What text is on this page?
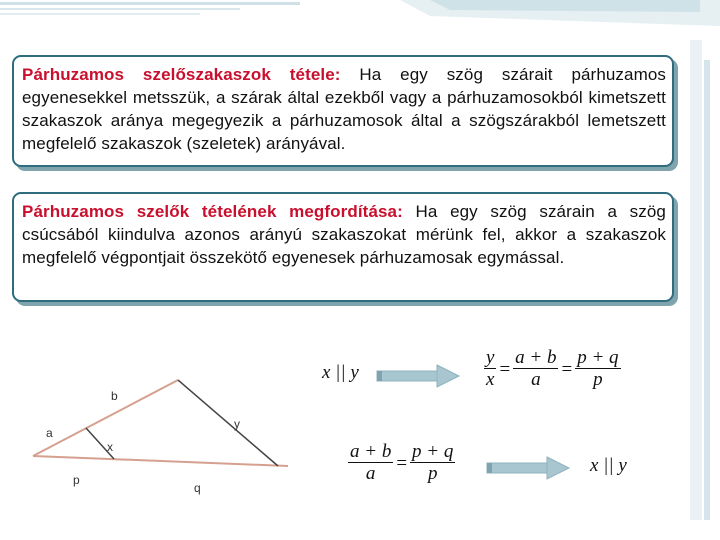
Párhuzamos szelőszakaszok tétele: Ha egy szög szárait párhuzamos egyenesekkel metsszük, a szárak által ezekből vagy a párhuzamosokból kimetszett szakaszok aránya megegyezik a párhuzamosok által a szögszárakból lemetszett megfelelő szakaszok (szeletek) arányával.
Párhuzamos szelők tételének megfordítása: Ha egy szög szárain a szög csúcsából kiindulva azonos arányú szakaszokat mérünk fel, akkor a szakaszok megfelelő végpontjait összekötő egyenesek párhuzamosak egymással.
a
b
x
y
p
q
x || y	$\frac{y}{x} = \frac{a + b}{a} = \frac{p + q}{p}$
$\frac{a + b}{a} = \frac{p + q}{p}$	x || y
